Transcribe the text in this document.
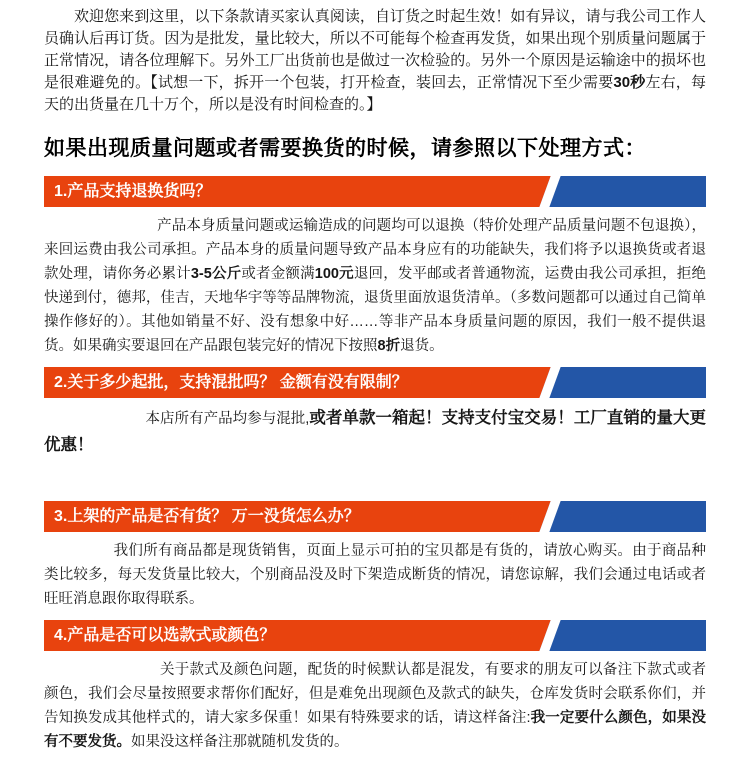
欢迎您来到这里，以下条款请买家认真阅读，自订货之时起生效！如有异议，请与我公司工作人员确认后再订货。因为是批发，量比较大，所以不可能每个检查再发货，如果出现个别质量问题属于正常情况，请各位理解下。另外工厂出货前也是做过一次检验的。另外一个原因是运输途中的损坏也是很难避免的。【试想一下，拆开一个包装，打开检查，装回去，正常情况下至少需要30秒左右，每天的出货量在几十万个，所以是没有时间检查的。】

如果出现质量问题或者需要换货的时候，请参照以下处理方式：
1.产品支持退换货吗？

产品本身质量问题或运输造成的问题均可以退换（特价处理产品质量问题不包退换），来回运费由我公司承担。产品本身的质量问题导致产品本身应有的功能缺失，我们将予以退换货或者退款处理，请你务必累计3-5公斤或者金额满100元退回，发平邮或者普通物流，运费由我公司承担，拒绝快递到付，德邦，佳吉，天地华宇等等品牌物流，退货里面放退货清单。（多数问题都可以通过自己简单操作修好的）。其他如销量不好、没有想象中好……等非产品本身质量问题的原因，我们一般不提供退货。如果确实要退回在产品跟包装完好的情况下按照8折退货。

2.关于多少起批，支持混批吗？ 金额有没有限制？

本店所有产品均参与混批,或者单款一箱起！支持支付宝交易！工厂直销的量大更优惠！

3.上架的产品是否有货？ 万一没货怎么办？

我们所有商品都是现货销售，页面上显示可拍的宝贝都是有货的，请放心购买。由于商品种类比较多，每天发货量比较大，个别商品没及时下架造成断货的情况，请您谅解，我们会通过电话或者旺旺消息跟你取得联系。

4.产品是否可以选款式或颜色？

关于款式及颜色问题，配货的时候默认都是混发，有要求的朋友可以备注下款式或者颜色，我们会尽量按照要求帮你们配好，但是难免出现颜色及款式的缺失，仓库发货时会联系你们，并告知换发成其他样式的，请大家多保重！如果有特殊要求的话，请这样备注:我一定要什么颜色，如果没有不要发货。如果没这样备注那就随机发货的。
